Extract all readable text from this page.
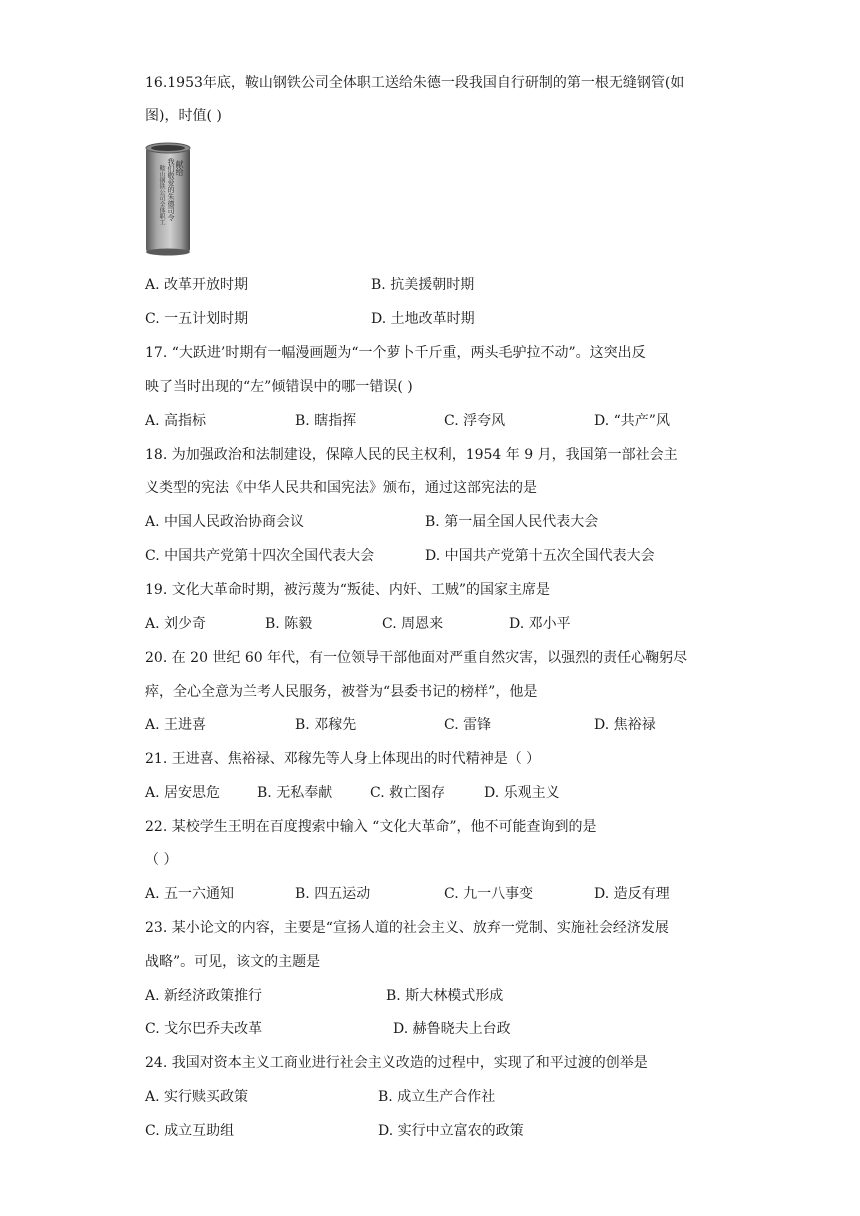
16.1953年底，鞍山钢铁公司全体职工送给朱德一段我国自行研制的第一根无缝钢管(如
图)，时值( )
献给
我们敬爱的朱德司令
鞍山钢铁公司全体职工
A. 改革开放时期	B. 抗美援朝时期
C. 一五计划时期	D. 土地改革时期
17. “大跃进’时期有一幅漫画题为“一个萝卜千斤重，两头毛驴拉不动”。这突出反
映了当时出现的“左”倾错误中的哪一错误( )
A. 高指标	B. 瞎指挥	C. 浮夸风	D. “共产”风
18. 为加强政治和法制建设，保障人民的民主权利，1954 年 9 月，我国第一部社会主
义类型的宪法《中华人民共和国宪法》颁布，通过这部宪法的是
A. 中国人民政治协商会议	B. 第一届全国人民代表大会
C. 中国共产党第十四次全国代表大会	D. 中国共产党第十五次全国代表大会
19. 文化大革命时期，被污蔑为“叛徒、内奸、工贼”的国家主席是
A. 刘少奇	B. 陈毅	C. 周恩来	D. 邓小平
20. 在 20 世纪 60 年代，有一位领导干部他面对严重自然灾害，以强烈的责任心鞠躬尽
瘁，全心全意为兰考人民服务，被誉为“县委书记的榜样”，他是
A. 王进喜	B. 邓稼先	C. 雷锋	D. 焦裕禄
21. 王进喜、焦裕禄、邓稼先等人身上体现出的时代精神是（ ）
A. 居安思危	B. 无私奉献	C. 救亡图存	D. 乐观主义
22. 某校学生王明在百度搜索中输入 “文化大革命”，他不可能查询到的是
（ ）
A. 五一六通知	B. 四五运动	C. 九一八事变	D. 造反有理
23. 某小论文的内容，主要是“宣扬人道的社会主义、放弃一党制、实施社会经济发展
战略”。可见，该文的主题是
A. 新经济政策推行	B. 斯大林模式形成
C. 戈尔巴乔夫改革	D. 赫鲁晓夫上台政
24. 我国对资本主义工商业进行社会主义改造的过程中，实现了和平过渡的创举是
A. 实行赎买政策	B. 成立生产合作社
C. 成立互助组	D. 实行中立富农的政策
